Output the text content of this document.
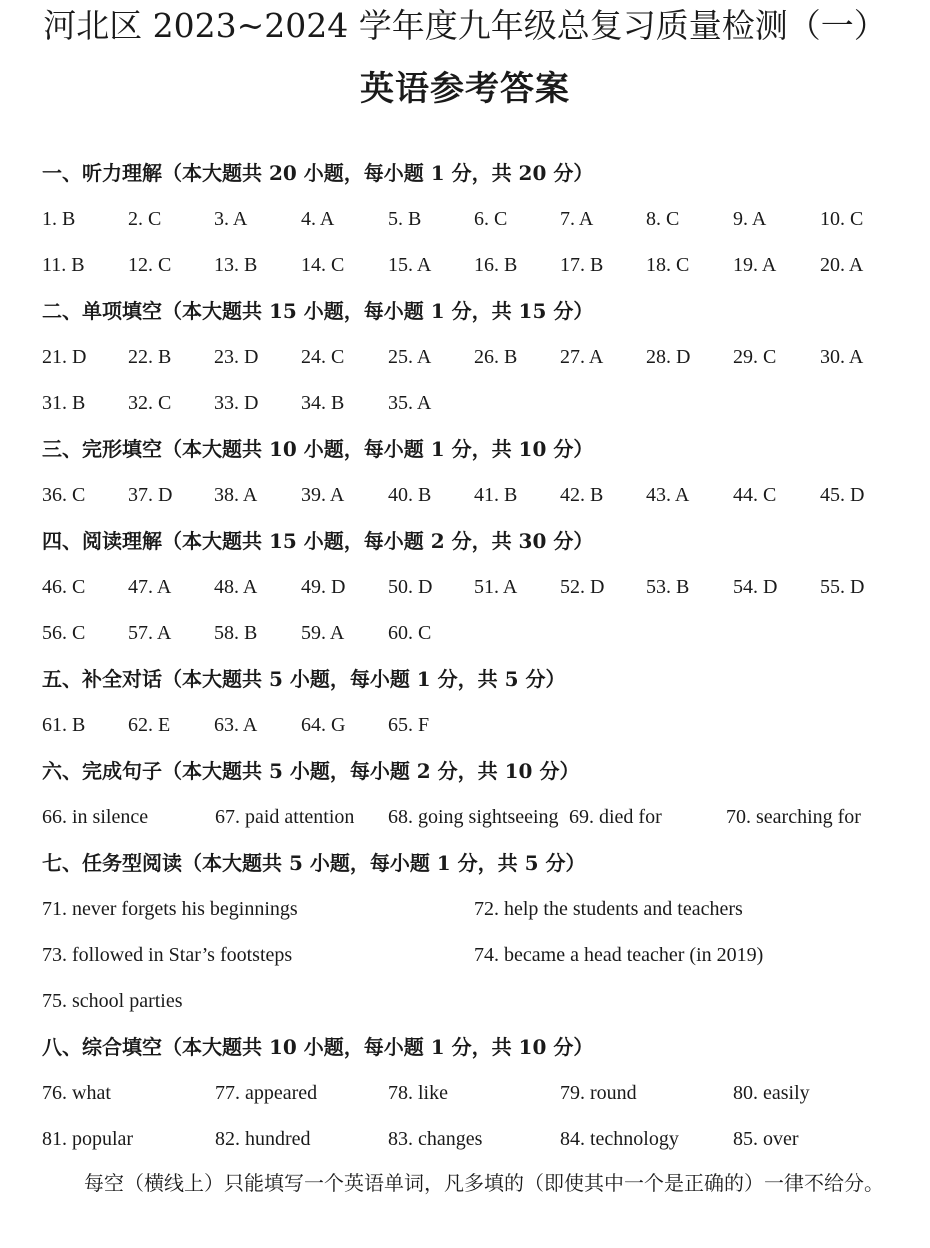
河北区 2023~2024 学年度九年级总复习质量检测（一）
英语参考答案
一、听力理解（本大题共 20 小题，每小题 1 分，共 20 分）
1. B	2. C	3. A	4. A	5. B	6. C	7. A	8. C	9. A	10. C
11. B 12. C 13. B 14. C 15. A 16. B 17. B 18. C 19. A 20. A
二、单项填空（本大题共 15 小题，每小题 1 分，共 15 分）
21. D 22. B 23. D 24. C 25. A 26. B 27. A 28. D 29. C 30. A
31. B 32. C 33. D 34. B 35. A
三、完形填空（本大题共 10 小题，每小题 1 分，共 10 分）
36. C 37. D 38. A 39. A 40. B 41. B 42. B 43. A 44. C 45. D
四、阅读理解（本大题共 15 小题，每小题 2 分，共 30 分）
46. C 47. A 48. A 49. D 50. D 51. A 52. D 53. B 54. D 55. D
56. C 57. A 58. B 59. A 60. C
五、补全对话（本大题共 5 小题，每小题 1 分，共 5 分）
61. B 62. E 63. A 64. G 65. F
六、完成句子（本大题共 5 小题，每小题 2 分，共 10 分）
66. in silence	67. paid attention 68. going sightseeing 69. died for	70. searching for
七、任务型阅读（本大题共 5 小题，每小题 1 分，共 5 分）
71. never forgets his beginnings	72. help the students and teachers
73. followed in Star’s footsteps	74. became a head teacher (in 2019)
75. school parties
八、综合填空（本大题共 10 小题，每小题 1 分，共 10 分）
76. what	77. appeared	78. like	79. round	80. easily
81. popular	82. hundred	83. changes	84. technology	85. over
每空（横线上）只能填写一个英语单词，凡多填的（即使其中一个是正确的）一律不给分。
